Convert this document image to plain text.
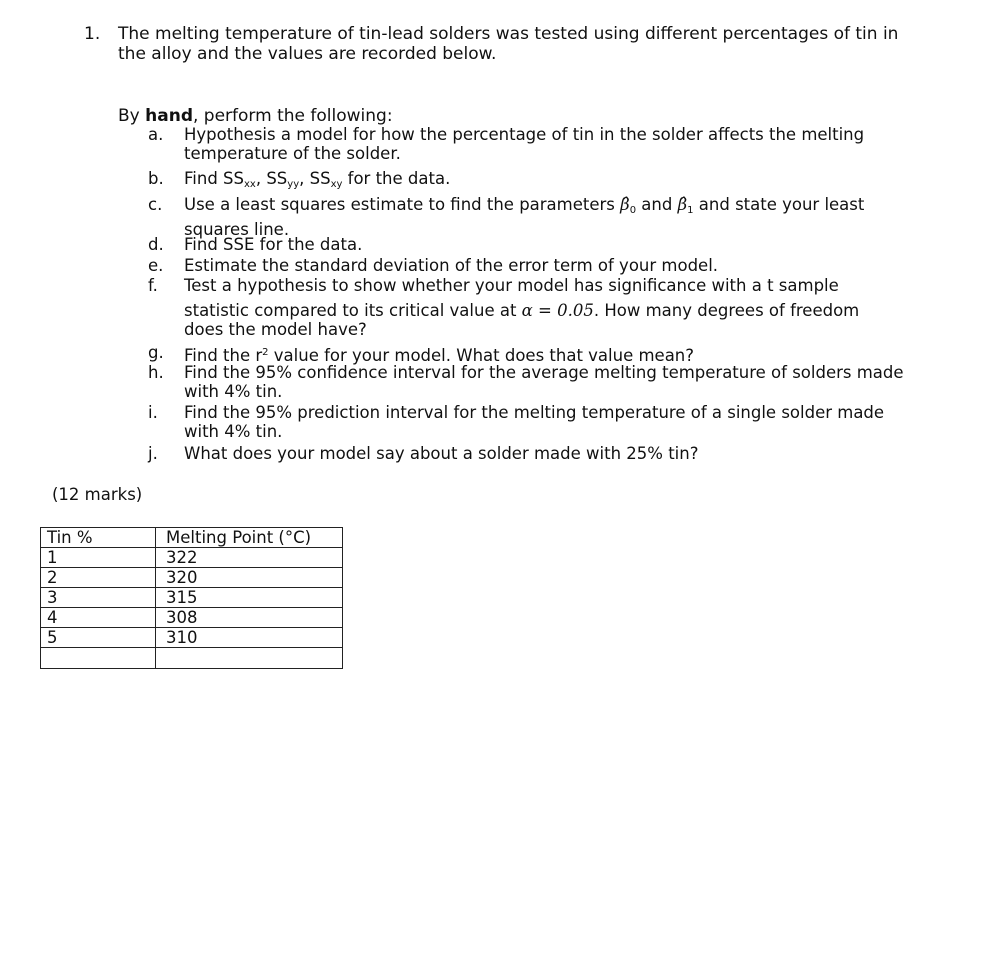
1. The melting temperature of tin-lead solders was tested using different percentages of tin in the alloy and the values are recorded below.
By hand, perform the following:
a.	Hypothesis a model for how the percentage of tin in the solder affects the melting temperature of the solder.
b.	Find $SS_{xx}$, $SS_{yy}$, $SS_{xy}$ for the data.
c.	Use a least squares estimate to find the parameters $\betâ_0$ and $\betâ_1$ and state your least squares line.
d.	Find SSE for the data.
e.	Estimate the standard deviation of the error term of your model.
f.	Test a hypothesis to show whether your model has significance with a t sample
statistic compared to its critical value at α = 0.05. How many degrees of freedom
does the model have?
g.	Find the $r^2$ value for your model. What does that value mean?
h.	Find the 95% confidence interval for the average melting temperature of solders made with 4% tin.
i.	Find the 95% prediction interval for the melting temperature of a single solder made with 4% tin.
j.	What does your model say about a solder made with 25% tin?
(12 marks)
Tin %	Melting Point (°C)
1	322
2	320
3	315
4	308
5	310
